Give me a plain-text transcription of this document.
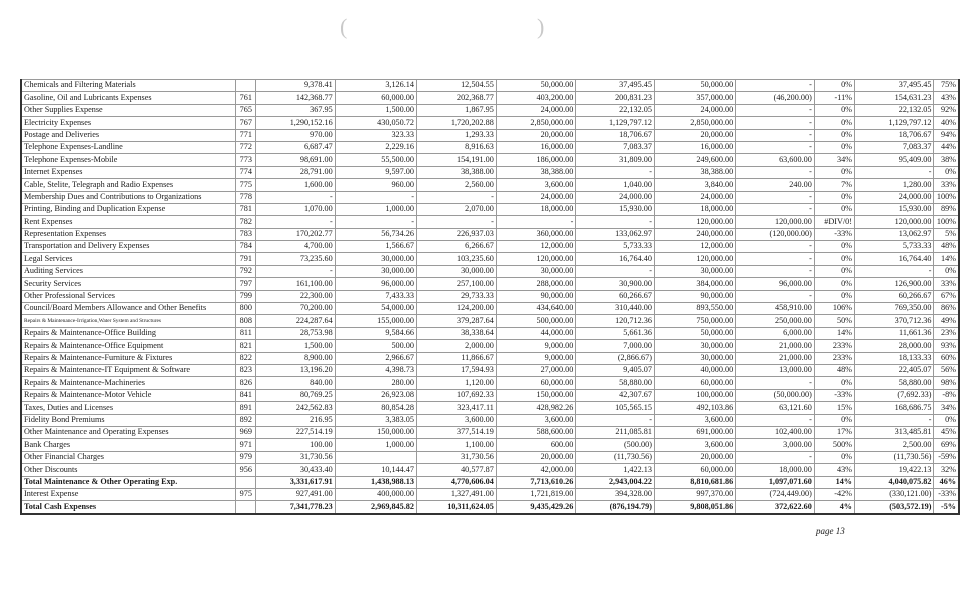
(	)
Chemicals and Filtering Materials		9,378.41	3,126.14	12,504.55	50,000.00	37,495.45	50,000.00	-	0%	37,495.45	75%
Gasoline, Oil and Lubricants Expenses	761	142,368.77	60,000.00	202,368.77	403,200.00	200,831.23	357,000.00	(46,200.00)	-11%	154,631.23	43%
Other Supplies Expense	765	367.95	1,500.00	1,867.95	24,000.00	22,132.05	24,000.00	-	0%	22,132.05	92%
Electricity Expenses	767	1,290,152.16	430,050.72	1,720,202.88	2,850,000.00	1,129,797.12	2,850,000.00	-	0%	1,129,797.12	40%
Postage and Deliveries	771	970.00	323.33	1,293.33	20,000.00	18,706.67	20,000.00	-	0%	18,706.67	94%
Telephone Expenses-Landline	772	6,687.47	2,229.16	8,916.63	16,000.00	7,083.37	16,000.00	-	0%	7,083.37	44%
Telephone Expenses-Mobile	773	98,691.00	55,500.00	154,191.00	186,000.00	31,809.00	249,600.00	63,600.00	34%	95,409.00	38%
Internet Expenses	774	28,791.00	9,597.00	38,388.00	38,388.00	-	38,388.00	-	0%	-	0%
Cable, Stelite, Telegraph and Radio Expenses	775	1,600.00	960.00	2,560.00	3,600.00	1,040.00	3,840.00	240.00	7%	1,280.00	33%
Membership Dues and Contributions to Organizations	778	-	-	-	24,000.00	24,000.00	24,000.00	-	0%	24,000.00	100%
Printing, Binding and Duplication Expense	781	1,070.00	1,000.00	2,070.00	18,000.00	15,930.00	18,000.00	-	0%	15,930.00	89%
Rent Expenses	782	-	-	-	-	-	120,000.00	120,000.00	#DIV/0!	120,000.00	100%
Representation Expenses	783	170,202.77	56,734.26	226,937.03	360,000.00	133,062.97	240,000.00	(120,000.00)	-33%	13,062.97	5%
Transportation and Delivery Expenses	784	4,700.00	1,566.67	6,266.67	12,000.00	5,733.33	12,000.00	-	0%	5,733.33	48%
Legal Services	791	73,235.60	30,000.00	103,235.60	120,000.00	16,764.40	120,000.00	-	0%	16,764.40	14%
Auditing Services	792	-	30,000.00	30,000.00	30,000.00	-	30,000.00	-	0%	-	0%
Security Services	797	161,100.00	96,000.00	257,100.00	288,000.00	30,900.00	384,000.00	96,000.00	0%	126,900.00	33%
Other Professional Services	799	22,300.00	7,433.33	29,733.33	90,000.00	60,266.67	90,000.00	-	0%	60,266.67	67%
Council/Board Members Allowance and Other Benefits	800	70,200.00	54,000.00	124,200.00	434,640.00	310,440.00	893,550.00	458,910.00	106%	769,350.00	86%
Repairs & Maintenance-Irrigation,Water System and Structures	808	224,287.64	155,000.00	379,287.64	500,000.00	120,712.36	750,000.00	250,000.00	50%	370,712.36	49%
Repairs & Maintenance-Office Building	811	28,753.98	9,584.66	38,338.64	44,000.00	5,661.36	50,000.00	6,000.00	14%	11,661.36	23%
Repairs & Maintenance-Office Equipment	821	1,500.00	500.00	2,000.00	9,000.00	7,000.00	30,000.00	21,000.00	233%	28,000.00	93%
Repairs & Maintenance-Furniture & Fixtures	822	8,900.00	2,966.67	11,866.67	9,000.00	(2,866.67)	30,000.00	21,000.00	233%	18,133.33	60%
Repairs & Maintenance-IT Equipment & Software	823	13,196.20	4,398.73	17,594.93	27,000.00	9,405.07	40,000.00	13,000.00	48%	22,405.07	56%
Repairs & Maintenance-Machineries	826	840.00	280.00	1,120.00	60,000.00	58,880.00	60,000.00	-	0%	58,880.00	98%
Repairs & Maintenance-Motor Vehicle	841	80,769.25	26,923.08	107,692.33	150,000.00	42,307.67	100,000.00	(50,000.00)	-33%	(7,692.33)	-8%
Taxes, Duties and Licenses	891	242,562.83	80,854.28	323,417.11	428,982.26	105,565.15	492,103.86	63,121.60	15%	168,686.75	34%
Fidelity Bond Premiums	892	216.95	3,383.05	3,600.00	3,600.00	-	3,600.00	-	0%	-	0%
Other Maintenance and Operating Expenses	969	227,514.19	150,000.00	377,514.19	588,600.00	211,085.81	691,000.00	102,400.00	17%	313,485.81	45%
Bank Charges	971	100.00	1,000.00	1,100.00	600.00	(500.00)	3,600.00	3,000.00	500%	2,500.00	69%
Other Financial Charges	979	31,730.56		31,730.56	20,000.00	(11,730.56)	20,000.00	-	0%	(11,730.56)	-59%
Other Discounts	956	30,433.40	10,144.47	40,577.87	42,000.00	1,422.13	60,000.00	18,000.00	43%	19,422.13	32%
Total Maintenance & Other Operating Exp.		3,331,617.91	1,438,988.13	4,770,606.04	7,713,610.26	2,943,004.22	8,810,681.86	1,097,071.60	14%	4,040,075.82	46%
Interest Expense	975	927,491.00	400,000.00	1,327,491.00	1,721,819.00	394,328.00	997,370.00	(724,449.00)	-42%	(330,121.00)	-33%
Total Cash Expenses		7,341,778.23	2,969,845.82	10,311,624.05	9,435,429.26	(876,194.79)	9,808,051.86	372,622.60	4%	(503,572.19)	-5%
page 13
